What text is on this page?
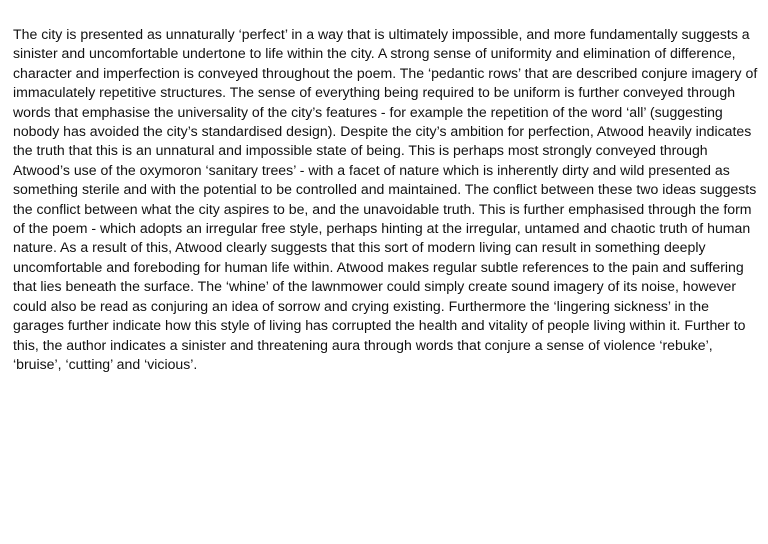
The city is presented as unnaturally ‘perfect’ in a way that is ultimately impossible, and more fundamentally suggests a sinister and uncomfortable undertone to life within the city. A strong sense of uniformity and elimination of difference, character and imperfection is conveyed throughout the poem. The ‘pedantic rows’ that are described conjure imagery of immaculately repetitive structures. The sense of everything being required to be uniform is further conveyed through words that emphasise the universality of the city’s features - for example the repetition of the word ‘all’ (suggesting nobody has avoided the city’s standardised design). Despite the city’s ambition for perfection, Atwood heavily indicates the truth that this is an unnatural and impossible state of being. This is perhaps most strongly conveyed through Atwood’s use of the oxymoron ‘sanitary trees’ - with a facet of nature which is inherently dirty and wild presented as something sterile and with the potential to be controlled and maintained. The conflict between these two ideas suggests the conflict between what the city aspires to be, and the unavoidable truth. This is further emphasised through the form of the poem - which adopts an irregular free style, perhaps hinting at the irregular, untamed and chaotic truth of human nature. As a result of this, Atwood clearly suggests that this sort of modern living can result in something deeply uncomfortable and foreboding for human life within. Atwood makes regular subtle references to the pain and suffering that lies beneath the surface. The ‘whine’ of the lawnmower could simply create sound imagery of its noise, however could also be read as conjuring an idea of sorrow and crying existing. Furthermore the ‘lingering sickness’ in the garages further indicate how this style of living has corrupted the health and vitality of people living within it. Further to this, the author indicates a sinister and threatening aura through words that conjure a sense of violence ‘rebuke’, ‘bruise’, ‘cutting’ and ‘vicious’.
